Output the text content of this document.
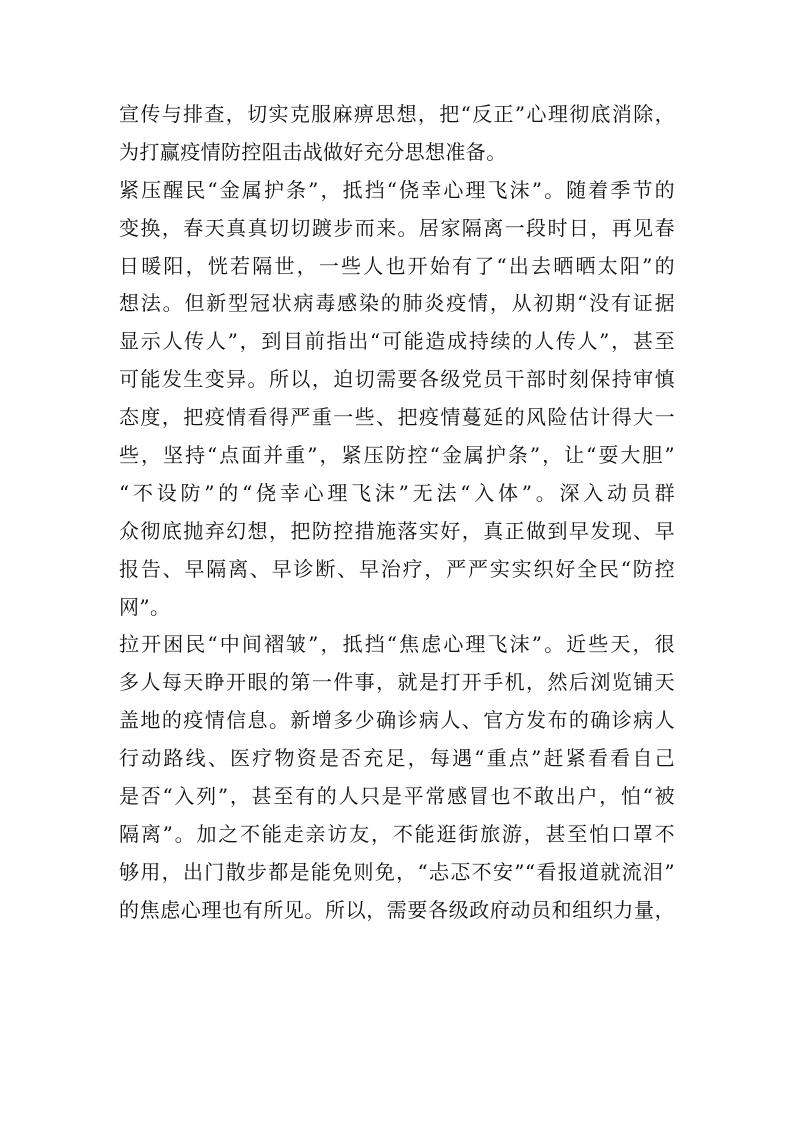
宣传与排查，切实克服麻痹思想，把“反正”心理彻底消除，
为打赢疫情防控阻击战做好充分思想准备。
紧压醒民“金属护条”，抵挡“侥幸心理飞沫”。随着季节的
变换，春天真真切切踱步而来。居家隔离一段时日，再见春
日暖阳，恍若隔世，一些人也开始有了“出去晒晒太阳”的
想法。但新型冠状病毒感染的肺炎疫情，从初期“没有证据
显示人传人”，到目前指出“可能造成持续的人传人”，甚至
可能发生变异。所以，迫切需要各级党员干部时刻保持审慎
态度，把疫情看得严重一些、把疫情蔓延的风险估计得大一
些，坚持“点面并重”，紧压防控“金属护条”，让“耍大胆”
“不设防”的“侥幸心理飞沫”无法“入体”。深入动员群
众彻底抛弃幻想，把防控措施落实好，真正做到早发现、早
报告、早隔离、早诊断、早治疗，严严实实织好全民“防控
网”。
拉开困民“中间褶皱”，抵挡“焦虑心理飞沫”。近些天，很
多人每天睁开眼的第一件事，就是打开手机，然后浏览铺天
盖地的疫情信息。新增多少确诊病人、官方发布的确诊病人
行动路线、医疗物资是否充足，每遇“重点”赶紧看看自己
是否“入列”，甚至有的人只是平常感冒也不敢出户，怕“被
隔离”。加之不能走亲访友，不能逛街旅游，甚至怕口罩不
够用，出门散步都是能免则免，“忐忑不安”“看报道就流泪”
的焦虑心理也有所见。所以，需要各级政府动员和组织力量，
